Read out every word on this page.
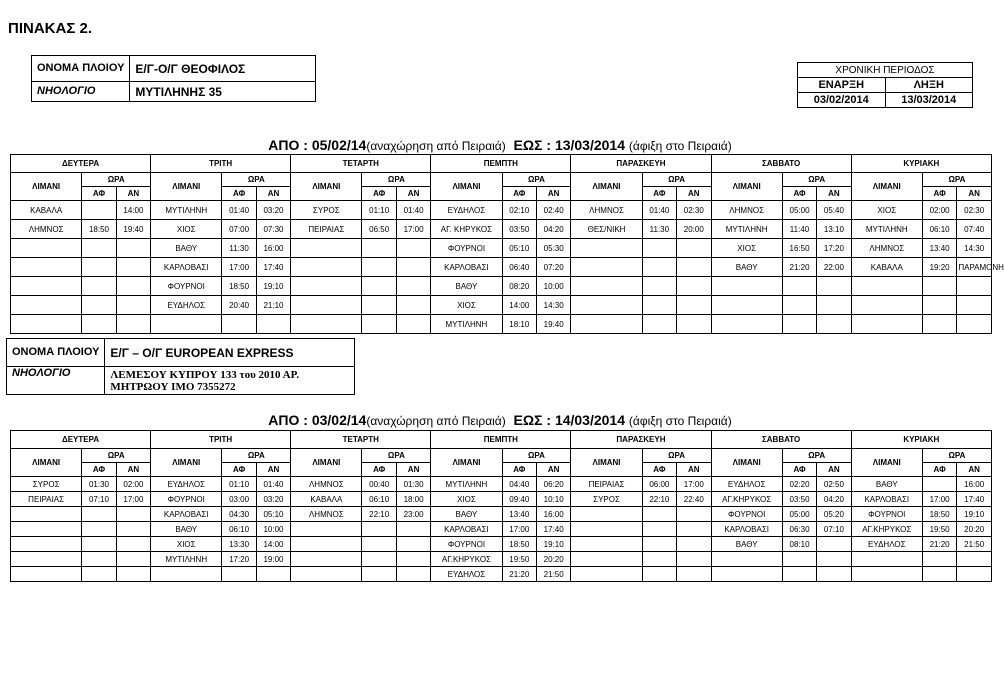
ΠΙΝΑΚΑΣ 2.
ΟΝΟΜΑ ΠΛΟΙΟΥ	Ε/Γ-Ο/Γ ΘΕΟΦΙΛΟΣ
ΝΗΟΛΟΓΙΟ	ΜΥΤΙΛΗΝΗΣ 35
ΧΡΟΝΙΚΗ ΠΕΡΙΟΔΟΣ	
ΕΝΑΡΞΗ	ΛΗΞΗ
03/02/2014	13/03/2014
ΑΠΟ : 05/02/14(αναχώρηση από Πειραιά) ΕΩΣ : 13/03/2014 (άφιξη στο Πειραιά)
ΔΕΥΤΕΡΑ			ΤΡΙΤΗ			ΤΕΤΑΡΤΗ			ΠΕΜΠΤΗ			ΠΑΡΑΣΚΕΥΗ			ΣΑΒΒΑΤΟ			ΚΥΡΙΑΚΗ		
ΛΙΜΑΝΙ	ΩΡΑ		ΛΙΜΑΝΙ	ΩΡΑ		ΛΙΜΑΝΙ	ΩΡΑ		ΛΙΜΑΝΙ	ΩΡΑ		ΛΙΜΑΝΙ	ΩΡΑ		ΛΙΜΑΝΙ	ΩΡΑ		ΛΙΜΑΝΙ	ΩΡΑ	
	ΑΦ	ΑΝ		ΑΦ	ΑΝ		ΑΦ	ΑΝ		ΑΦ	ΑΝ		ΑΦ	ΑΝ		ΑΦ	ΑΝ		ΑΦ	ΑΝ
ΚΑΒΑΛΑ		14:00	ΜΥΤΙΛΗΝΗ	01:40	03:20	ΣΥΡΟΣ	01:10	01:40	ΕΥΔΗΛΟΣ	02:10	02:40	ΛΗΜΝΟΣ	01:40	02:30	ΛΗΜΝΟΣ	05:00	05:40	ΧΙΟΣ	02:00	02:30
ΛΗΜΝΟΣ	18:50	19:40	ΧΙΟΣ	07:00	07:30	ΠΕΙΡΑΙΑΣ	06:50	17:00	ΑΓ. ΚΗΡΥΚΟΣ	03:50	04:20	ΘΕΣ/ΝΙΚΗ	11:30	20:00	ΜΥΤΙΛΗΝΗ	11:40	13:10	ΜΥΤΙΛΗΝΗ	06:10	07:40
			ΒΑΘΥ	11:30	16:00				ΦΟΥΡΝΟΙ	05:10	05:30				ΧΙΟΣ	16:50	17:20	ΛΗΜΝΟΣ	13:40	14:30
			ΚΑΡΛΟΒΑΣΙ	17:00	17:40				ΚΑΡΛΟΒΑΣΙ	06:40	07:20				ΒΑΘΥ	21:20	22:00	ΚΑΒΑΛΑ	19:20	ΠΑΡΑΜΟΝΗ
			ΦΟΥΡΝΟΙ	18:50	19:10				ΒΑΘΥ	08:20	10:00									
			ΕΥΔΗΛΟΣ	20:40	21:10				ΧΙΟΣ	14:00	14:30									
									ΜΥΤΙΛΗΝΗ	18:10	19:40									
ΟΝΟΜΑ ΠΛΟΙΟΥ	Ε/Γ – Ο/Γ EUROPEAN EXPRESS
ΝΗΟΛΟΓΙΟ	ΛΕΜΕΣΟΥ ΚΥΠΡΟΥ 133 του 2010 ΑΡ.
ΜΗΤΡΩΟΥ IMO 7355272
ΑΠΟ : 03/02/14(αναχώρηση από Πειραιά) ΕΩΣ : 14/03/2014 (άφιξη στο Πειραιά)
ΔΕΥΤΕΡΑ			ΤΡΙΤΗ			ΤΕΤΑΡΤΗ			ΠΕΜΠΤΗ			ΠΑΡΑΣΚΕΥΗ			ΣΑΒΒΑΤΟ			ΚΥΡΙΑΚΗ		
ΛΙΜΑΝΙ	ΩΡΑ		ΛΙΜΑΝΙ	ΩΡΑ		ΛΙΜΑΝΙ	ΩΡΑ		ΛΙΜΑΝΙ	ΩΡΑ		ΛΙΜΑΝΙ	ΩΡΑ		ΛΙΜΑΝΙ	ΩΡΑ		ΛΙΜΑΝΙ	ΩΡΑ	
	ΑΦ	ΑΝ		ΑΦ	ΑΝ		ΑΦ	ΑΝ		ΑΦ	ΑΝ		ΑΦ	ΑΝ		ΑΦ	ΑΝ		ΑΦ	ΑΝ
ΣΥΡΟΣ	01:30	02:00	ΕΥΔΗΛΟΣ	01:10	01:40	ΛΗΜΝΟΣ	00:40	01:30	ΜΥΤΙΛΗΝΗ	04:40	06:20	ΠΕΙΡΑΙΑΣ	06:00	17:00	ΕΥΔΗΛΟΣ	02:20	02:50	ΒΑΘΥ		16:00
ΠΕΙΡΑΙΑΣ	07:10	17:00	ΦΟΥΡΝΟΙ	03:00	03:20	ΚΑΒΑΛΑ	06:10	18:00	ΧΙΟΣ	09:40	10:10	ΣΥΡΟΣ	22:10	22:40	ΑΓ.ΚΗΡΥΚΟΣ	03:50	04:20	ΚΑΡΛΟΒΑΣΙ	17:00	17:40
			ΚΑΡΛΟΒΑΣΙ	04:30	05:10	ΛΗΜΝΟΣ	22:10	23:00	ΒΑΘΥ	13:40	16:00				ΦΟΥΡΝΟΙ	05:00	05:20	ΦΟΥΡΝΟΙ	18:50	19:10
			ΒΑΘΥ	06:10	10:00				ΚΑΡΛΟΒΑΣΙ	17:00	17:40				ΚΑΡΛΟΒΑΣΙ	06:30	07:10	ΑΓ.ΚΗΡΥΚΟΣ	19:50	20:20
			ΧΙΟΣ	13:30	14:00				ΦΟΥΡΝΟΙ	18:50	19:10				ΒΑΘΥ	08:10		ΕΥΔΗΛΟΣ	21:20	21:50
			ΜΥΤΙΛΗΝΗ	17:20	19:00				ΑΓ.ΚΗΡΥΚΟΣ	19:50	20:20									
									ΕΥΔΗΛΟΣ	21:20	21:50									
